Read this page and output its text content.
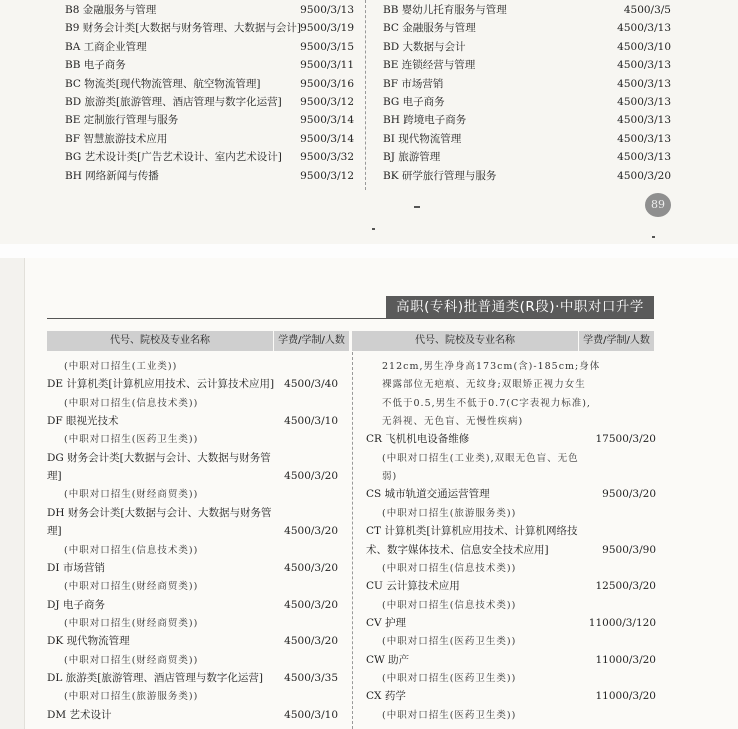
B8 金融服务与管理	9500/3/13
B9 财务会计类[大数据与财务管理、大数据与会计] 9500/3/19
BA 工商企业管理	9500/3/15
BB 电子商务	9500/3/11
BC 物流类[现代物流管理、航空物流管理]	9500/3/16
BD 旅游类[旅游管理、酒店管理与数字化运营] 9500/3/12
BE 定制旅行管理与服务	9500/3/14
BF 智慧旅游技术应用	9500/3/14
BG 艺术设计类[广告艺术设计、室内艺术设计] 9500/3/32
BH 网络新闻与传播	9500/3/12
BB 婴幼儿托育服务与管理	4500/3/5
BC 金融服务与管理	4500/3/13
BD 大数据与会计	4500/3/10
BE 连锁经营与管理	4500/3/13
BF 市场营销	4500/3/13
BG 电子商务	4500/3/13
BH 跨境电子商务	4500/3/13
BI 现代物流管理	4500/3/13
BJ 旅游管理	4500/3/13
BK 研学旅行管理与服务	4500/3/20
89
高职(专科)批普通类(R段)·中职对口升学
代号、院校及专业名称	学费/学制/人数	代号、院校及专业名称	学费/学制/人数
(中职对口招生(工业类))
DE 计算机类[计算机应用技术、云计算技术应用] 4500/3/40
(中职对口招生(信息技术类))
DF 眼视光技术	4500/3/10
(中职对口招生(医药卫生类))
DG 财务会计类[大数据与会计、大数据与财务管
理]	4500/3/20
(中职对口招生(财经商贸类))
DH 财务会计类[大数据与会计、大数据与财务管
理]	4500/3/20
(中职对口招生(信息技术类))
DI 市场营销	4500/3/20
(中职对口招生(财经商贸类))
DJ 电子商务	4500/3/20
(中职对口招生(财经商贸类))
DK 现代物流管理	4500/3/20
(中职对口招生(财经商贸类))
DL 旅游类[旅游管理、酒店管理与数字化运营] 4500/3/35
(中职对口招生(旅游服务类))
DM 艺术设计	4500/3/10
212cm,男生净身高173cm(含)-185cm;身体
裸露部位无疤痕、无纹身;双眼矫正视力女生
不低于0.5,男生不低于0.7(C字表视力标准),
无斜视、无色盲、无慢性疾病)
CR 飞机机电设备维修	17500/3/20
(中职对口招生(工业类),双眼无色盲、无色
弱)
CS 城市轨道交通运营管理	9500/3/20
(中职对口招生(旅游服务类))
CT 计算机类[计算机应用技术、计算机网络技
术、数字媒体技术、信息安全技术应用]	9500/3/90
(中职对口招生(信息技术类))
CU 云计算技术应用	12500/3/20
(中职对口招生(信息技术类))
CV 护理	11000/3/120
(中职对口招生(医药卫生类))
CW 助产	11000/3/20
(中职对口招生(医药卫生类))
CX 药学	11000/3/20
(中职对口招生(医药卫生类))
